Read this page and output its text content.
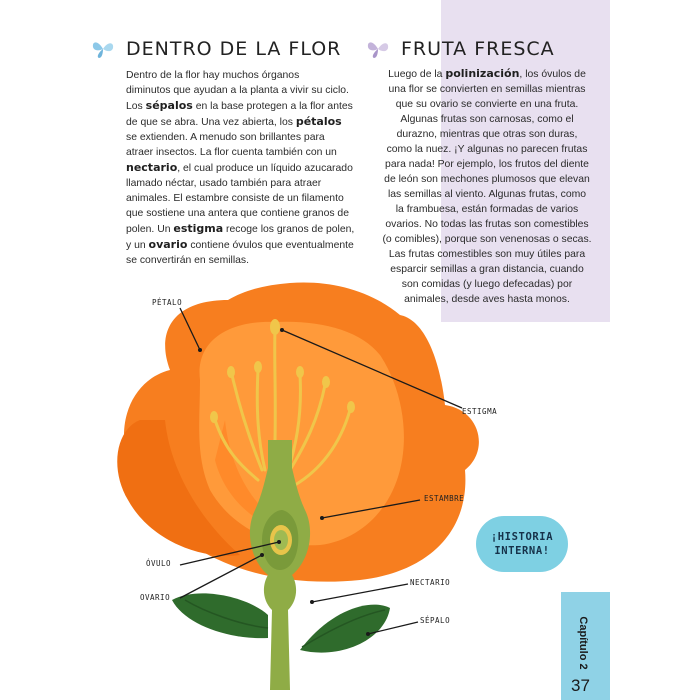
DENTRO DE LA FLOR
Dentro de la flor hay muchos órganos
diminutos que ayudan a la planta a vivir su ciclo.
Los sépalos en la base protegen a la flor antes
de que se abra. Una vez abierta, los pétalos
se extienden. A menudo son brillantes para
atraer insectos. La flor cuenta también con un
nectario, el cual produce un líquido azucarado
llamado néctar, usado también para atraer
animales. El estambre consiste de un filamento
que sostiene una antera que contiene granos de
polen. Un estigma recoge los granos de polen,
y un ovario contiene óvulos que eventualmente
se convertirán en semillas.
FRUTA FRESCA
Luego de la polinización, los óvulos de
una flor se convierten en semillas mientras
que su ovario se convierte en una fruta.
Algunas frutas son carnosas, como el
durazno, mientras que otras son duras,
como la nuez. ¡Y algunas no parecen frutas
para nada! Por ejemplo, los frutos del diente
de león son mechones plumosos que elevan
las semillas al viento. Algunas frutas, como
la frambuesa, están formadas de varios
ovarios. No todas las frutas son comestibles
(o comibles), porque son venenosas o secas.
Las frutas comestibles son muy útiles para
esparcir semillas a gran distancia, cuando
son comidas (y luego defecadas) por
animales, desde aves hasta monos.
PÉTALO
ESTIGMA
ESTAMBRE
ÓVULO
OVARIO
NECTARIO
SÉPALO
¡HISTORIA
INTERNA!
Capítulo 2
37
